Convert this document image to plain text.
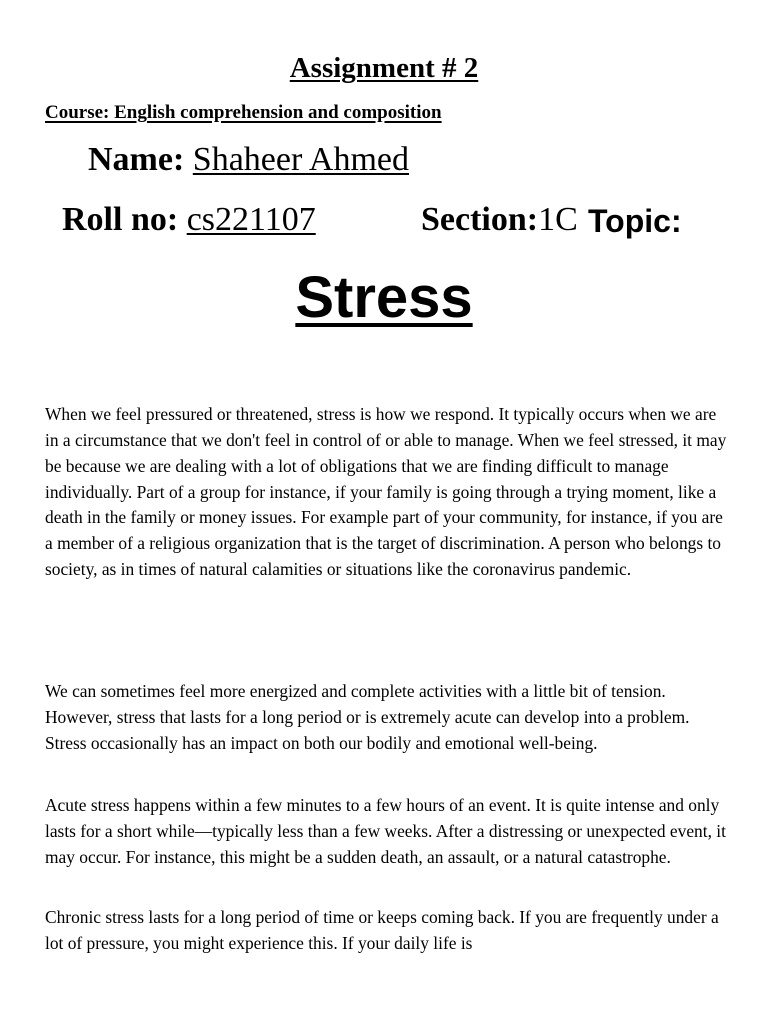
Assignment # 2
Course: English comprehension and composition
Name: Shaheer Ahmed
Roll no: cs221107	Section:1C Topic:
Stress

When we feel pressured or threatened, stress is how we respond. It typically occurs when we are in a circumstance that we don't feel in control of or able to manage. When we feel stressed, it may be because we are dealing with a lot of obligations that we are finding difficult to manage individually. Part of a group for instance, if your family is going through a trying moment, like a death in the family or money issues. For example part of your community, for instance, if you are a member of a religious organization that is the target of discrimination. A person who belongs to society, as in times of natural calamities or situations like the coronavirus pandemic.

We can sometimes feel more energized and complete activities with a little bit of tension. However, stress that lasts for a long period or is extremely acute can develop into a problem. Stress occasionally has an impact on both our bodily and emotional well-being.

Acute stress happens within a few minutes to a few hours of an event. It is quite intense and only lasts for a short while—typically less than a few weeks. After a distressing or unexpected event, it may occur. For instance, this might be a sudden death, an assault, or a natural catastrophe.

Chronic stress lasts for a long period of time or keeps coming back. If you are frequently under a lot of pressure, you might experience this. If your daily life is
